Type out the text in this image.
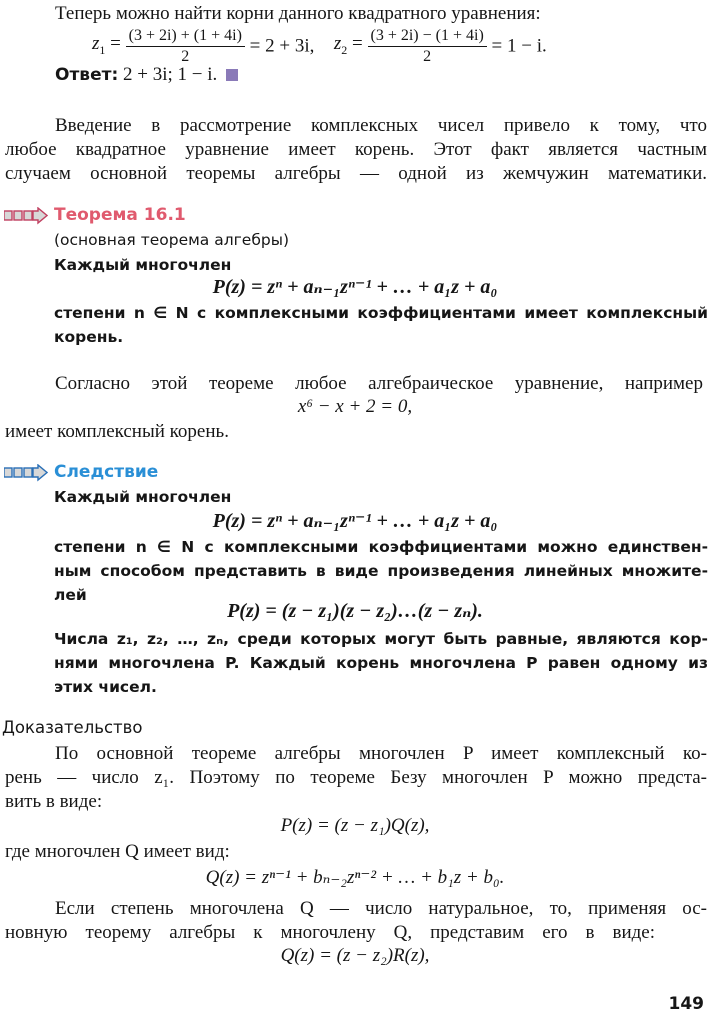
Теперь можно найти корни данного квадратного уравнения:
$z_1 = \frac{(3 + 2i) + (1 + 4i)}{2} = 2 + 3i$, $z_2 = \frac{(3 + 2i) - (1 + 4i)}{2} = 1 - i$.
Ответ: 2 + 3i; 1 − i.
Введение в рассмотрение комплексных чисел привело к тому, что
любое квадратное уравнение имеет корень. Этот факт является частным
случаем основной теоремы алгебры — одной из жемчужин математики.
Теорема 16.1
(основная теорема алгебры)
Каждый многочлен
P(z) = zⁿ + aₙ₋₁zⁿ⁻¹ + … + a₁z + a₀
степени n ∈ N с комплексными коэффициентами имеет комплексный
корень.
Согласно этой теореме любое алгебраическое уравнение, например
x⁶ − x + 2 = 0,
имеет комплексный корень.
Следствие
Каждый многочлен
P(z) = zⁿ + aₙ₋₁zⁿ⁻¹ + … + a₁z + a₀
степени n ∈ N с комплексными коэффициентами можно единствен-
ным способом представить в виде произведения линейных множите-
лей
P(z) = (z − z₁)(z − z₂)…(z − zₙ).
Числа z₁, z₂, …, zₙ, среди которых могут быть равные, являются кор-
нями многочлена P. Каждый корень многочлена P равен одному из
этих чисел.
Доказательство
По основной теореме алгебры многочлен P имеет комплексный ко-
рень — число z₁. Поэтому по теореме Безу многочлен P можно предста-
вить в виде:
P(z) = (z − z₁)Q(z),
где многочлен Q имеет вид:
Q(z) = zⁿ⁻¹ + bₙ₋₂zⁿ⁻² + … + b₁z + b₀.
Если степень многочлена Q — число натуральное, то, применяя ос-
новную теорему алгебры к многочлену Q, представим его в виде:
Q(z) = (z − z₂)R(z),
149
